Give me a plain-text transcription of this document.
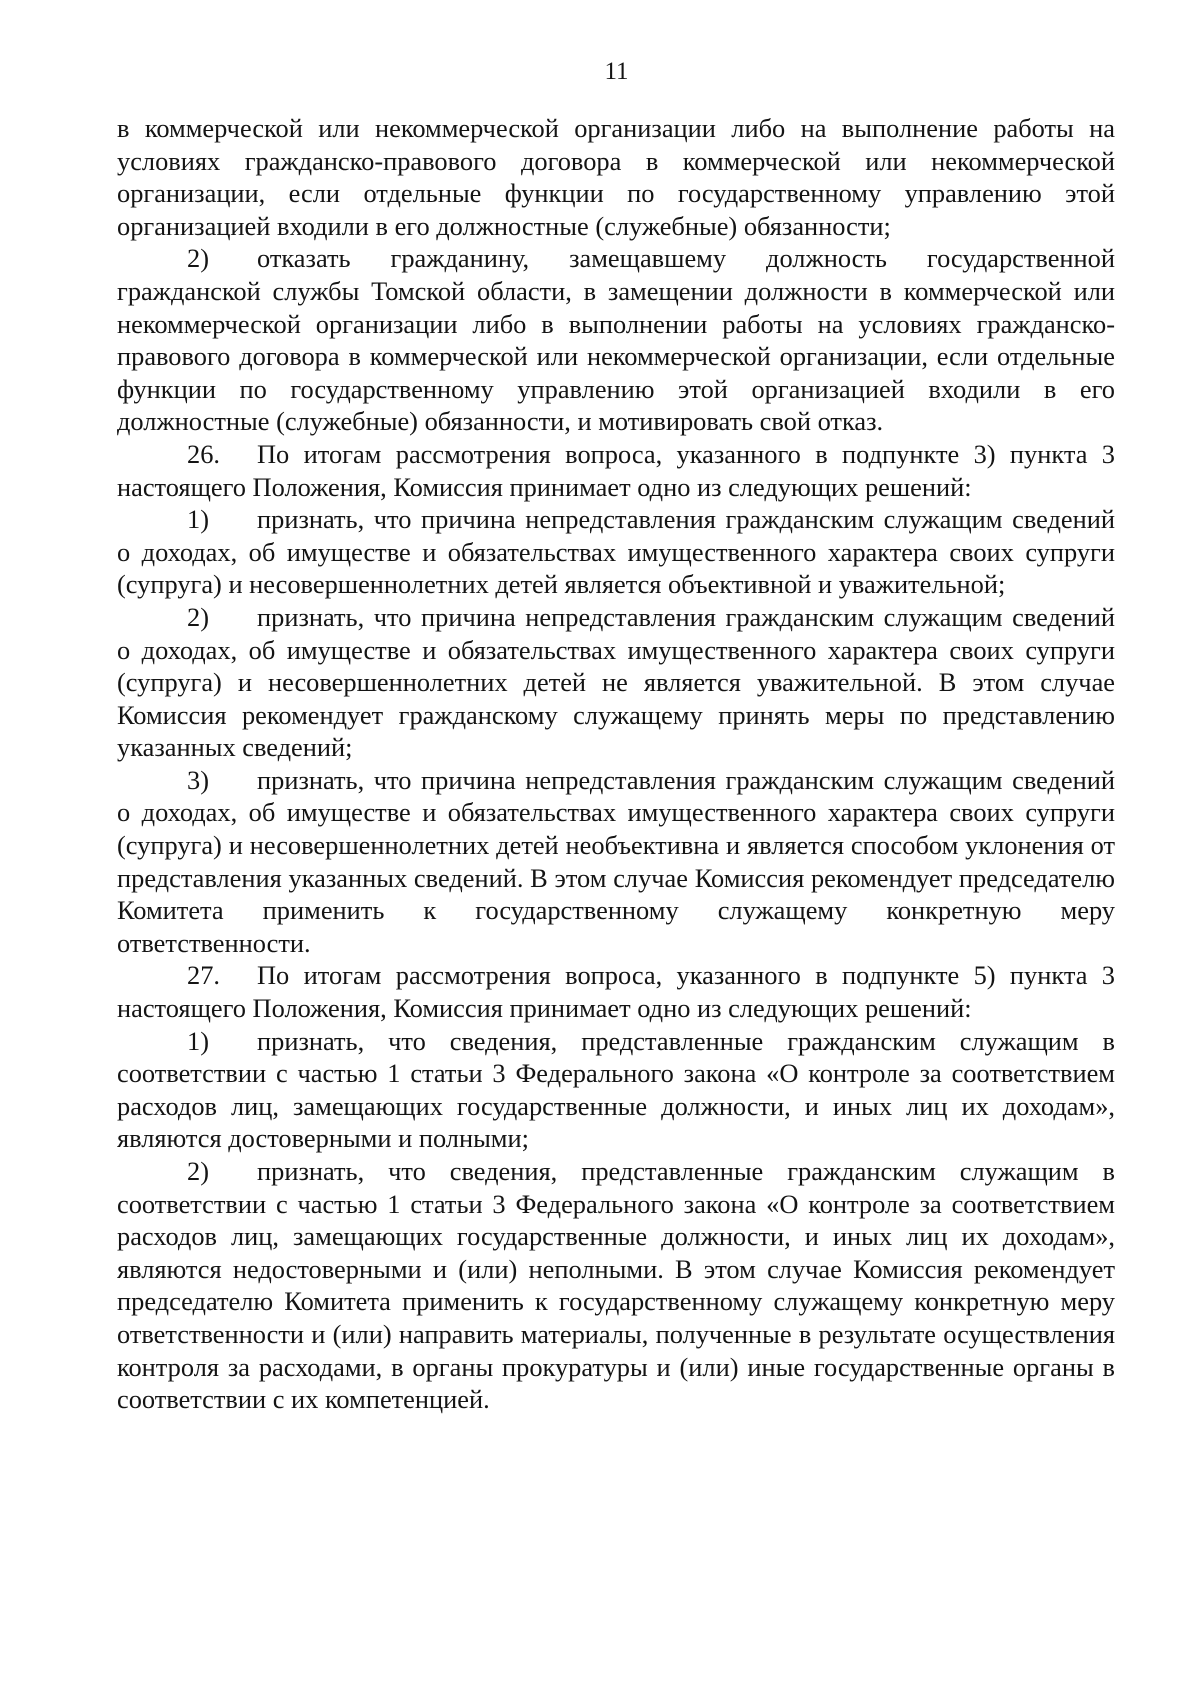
11

в коммерческой или некоммерческой организации либо на выполнение работы на условиях гражданско-правового договора в коммерческой или некоммерческой организации, если отдельные функции по государственному управлению этой организацией входили в его должностные (служебные) обязанности;

2) отказать гражданину, замещавшему должность государственной гражданской службы Томской области, в замещении должности в коммерческой или некоммерческой организации либо в выполнении работы на условиях гражданско-правового договора в коммерческой или некоммерческой организации, если отдельные функции по государственному управлению этой организацией входили в его должностные (служебные) обязанности, и мотивировать свой отказ.

26. По итогам рассмотрения вопроса, указанного в подпункте 3) пункта 3 настоящего Положения, Комиссия принимает одно из следующих решений:

1) признать, что причина непредставления гражданским служащим сведений о доходах, об имуществе и обязательствах имущественного характера своих супруги (супруга) и несовершеннолетних детей является объективной и уважительной;

2) признать, что причина непредставления гражданским служащим сведений о доходах, об имуществе и обязательствах имущественного характера своих супруги (супруга) и несовершеннолетних детей не является уважительной. В этом случае Комиссия рекомендует гражданскому служащему принять меры по представлению указанных сведений;

3) признать, что причина непредставления гражданским служащим сведений о доходах, об имуществе и обязательствах имущественного характера своих супруги (супруга) и несовершеннолетних детей необъективна и является способом уклонения от представления указанных сведений. В этом случае Комиссия рекомендует председателю Комитета применить к государственному служащему конкретную меру ответственности.

27. По итогам рассмотрения вопроса, указанного в подпункте 5) пункта 3 настоящего Положения, Комиссия принимает одно из следующих решений:

1) признать, что сведения, представленные гражданским служащим в соответствии с частью 1 статьи 3 Федерального закона «О контроле за соответствием расходов лиц, замещающих государственные должности, и иных лиц их доходам», являются достоверными и полными;

2) признать, что сведения, представленные гражданским служащим в соответствии с частью 1 статьи 3 Федерального закона «О контроле за соответствием расходов лиц, замещающих государственные должности, и иных лиц их доходам», являются недостоверными и (или) неполными. В этом случае Комиссия рекомендует председателю Комитета применить к государственному служащему конкретную меру ответственности и (или) направить материалы, полученные в результате осуществления контроля за расходами, в органы прокуратуры и (или) иные государственные органы в соответствии с их компетенцией.
